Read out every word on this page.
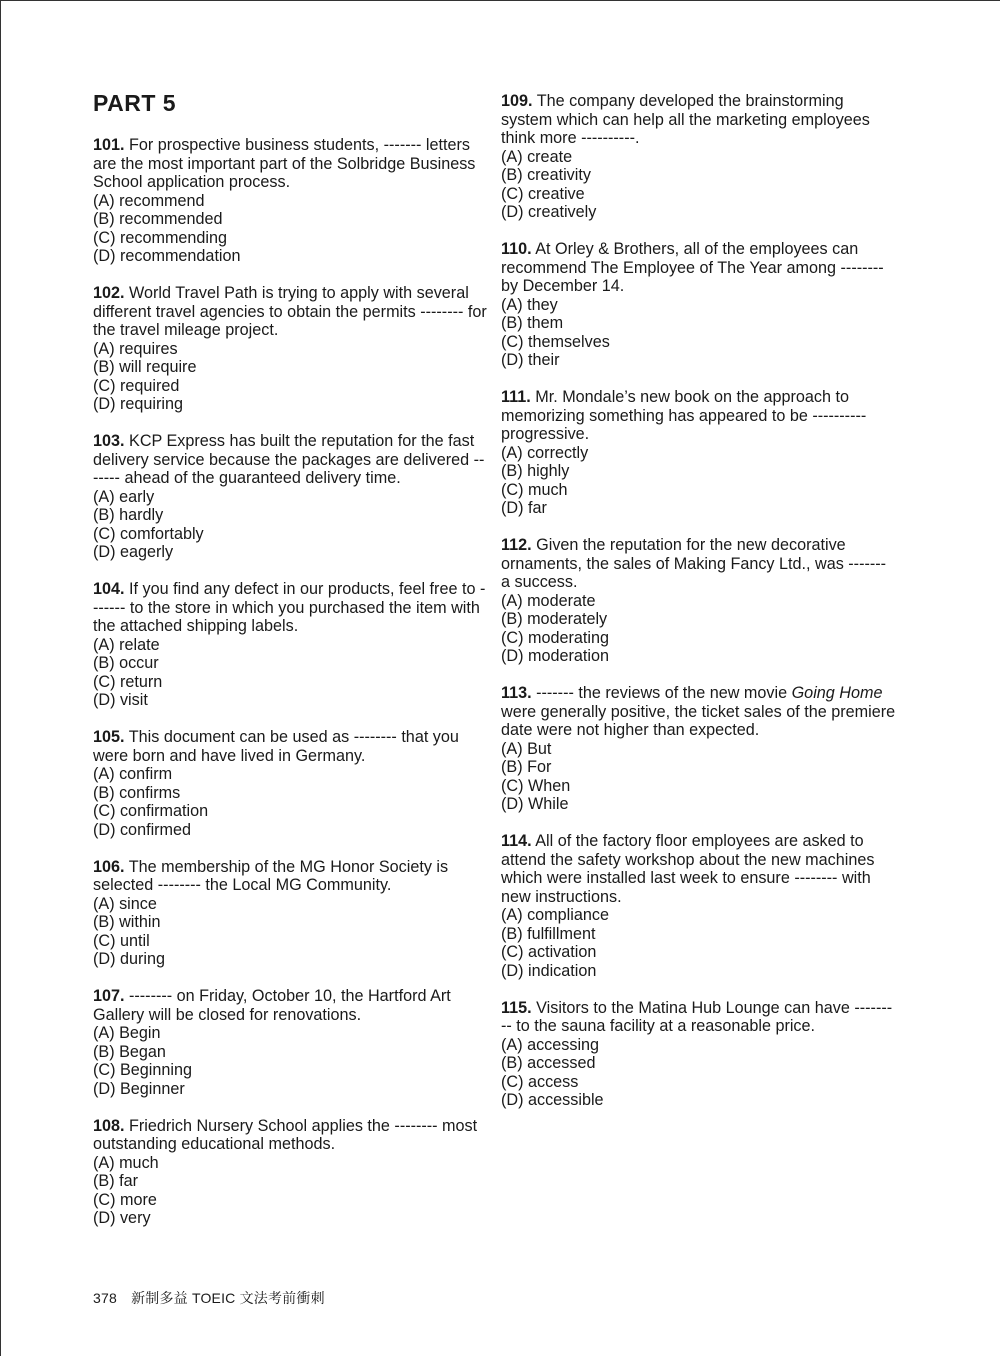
PART 5

101. For prospective business students, ------- letters are the most important part of the Solbridge Business School application process.

(A) recommend
(B) recommended
(C) recommending
(D) recommendation

102. World Travel Path is trying to apply with several different travel agencies to obtain the permits -------- for the travel mileage project.

(A) requires
(B) will require
(C) required
(D) requiring

103. KCP Express has built the reputation for the fast delivery service because the packages are delivered ------- ahead of the guaranteed delivery time.

(A) early
(B) hardly
(C) comfortably
(D) eagerly

104. If you find any defect in our products, feel free to ------- to the store in which you purchased the item with the attached shipping labels.

(A) relate
(B) occur
(C) return
(D) visit

105. This document can be used as -------- that you were born and have lived in Germany.

(A) confirm
(B) confirms
(C) confirmation
(D) confirmed

106. The membership of the MG Honor Society is selected -------- the Local MG Community.

(A) since
(B) within
(C) until
(D) during

107. -------- on Friday, October 10, the Hartford Art Gallery will be closed for renovations.

(A) Begin
(B) Began
(C) Beginning
(D) Beginner

108. Friedrich Nursery School applies the -------- most outstanding educational methods.

(A) much
(B) far
(C) more
(D) very

109. The company developed the brainstorming system which can help all the marketing employees think more ----------.

(A) create
(B) creativity
(C) creative
(D) creatively

110. At Orley & Brothers, all of the employees can recommend The Employee of The Year among -------- by December 14.

(A) they
(B) them
(C) themselves
(D) their

111. Mr. Mondale’s new book on the approach to memorizing something has appeared to be ---------- progressive.

(A) correctly
(B) highly
(C) much
(D) far

112. Given the reputation for the new decorative ornaments, the sales of Making Fancy Ltd., was ------- a success.

(A) moderate
(B) moderately
(C) moderating
(D) moderation

113. ------- the reviews of the new movie Going Home were generally positive, the ticket sales of the premiere date were not higher than expected.

(A) But
(B) For
(C) When
(D) While

114. All of the factory floor employees are asked to attend the safety workshop about the new machines which were installed last week to ensure -------- with new instructions.

(A) compliance
(B) fulfillment
(C) activation
(D) indication

115. Visitors to the Matina Hub Lounge can have --------- to the sauna facility at a reasonable price.

(A) accessing
(B) accessed
(C) access
(D) accessible
378 新制多益 TOEIC 文法考前衝刺
